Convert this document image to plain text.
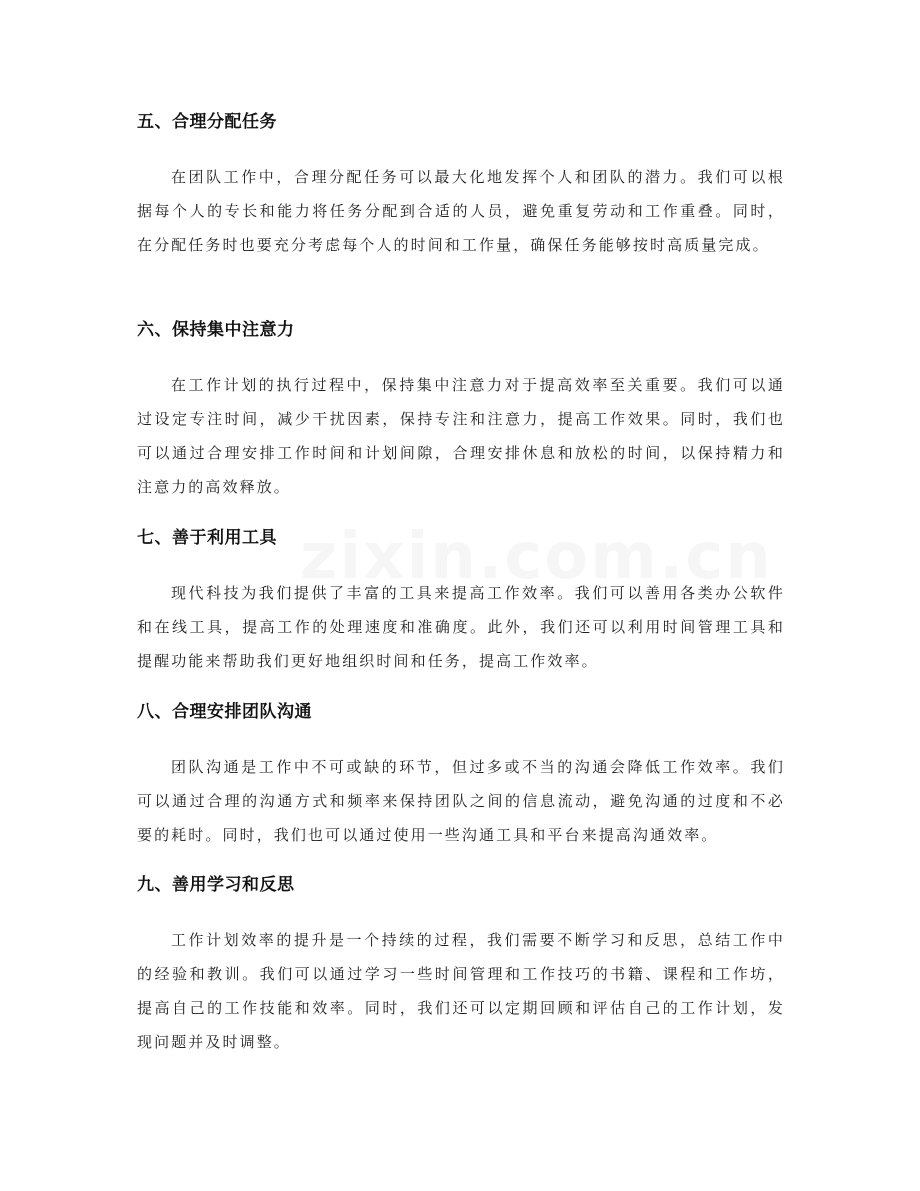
五、合理分配任务

在团队工作中，合理分配任务可以最大化地发挥个人和团队的潜力。我们可以根据每个人的专长和能力将任务分配到合适的人员，避免重复劳动和工作重叠。同时，在分配任务时也要充分考虑每个人的时间和工作量，确保任务能够按时高质量完成。

六、保持集中注意力

在工作计划的执行过程中，保持集中注意力对于提高效率至关重要。我们可以通过设定专注时间，减少干扰因素，保持专注和注意力，提高工作效果。同时，我们也可以通过合理安排工作时间和计划间隙，合理安排休息和放松的时间，以保持精力和注意力的高效释放。

七、善于利用工具

现代科技为我们提供了丰富的工具来提高工作效率。我们可以善用各类办公软件和在线工具，提高工作的处理速度和准确度。此外，我们还可以利用时间管理工具和提醒功能来帮助我们更好地组织时间和任务，提高工作效率。

八、合理安排团队沟通

团队沟通是工作中不可或缺的环节，但过多或不当的沟通会降低工作效率。我们可以通过合理的沟通方式和频率来保持团队之间的信息流动，避免沟通的过度和不必要的耗时。同时，我们也可以通过使用一些沟通工具和平台来提高沟通效率。

九、善用学习和反思

工作计划效率的提升是一个持续的过程，我们需要不断学习和反思，总结工作中的经验和教训。我们可以通过学习一些时间管理和工作技巧的书籍、课程和工作坊，提高自己的工作技能和效率。同时，我们还可以定期回顾和评估自己的工作计划，发现问题并及时调整。
